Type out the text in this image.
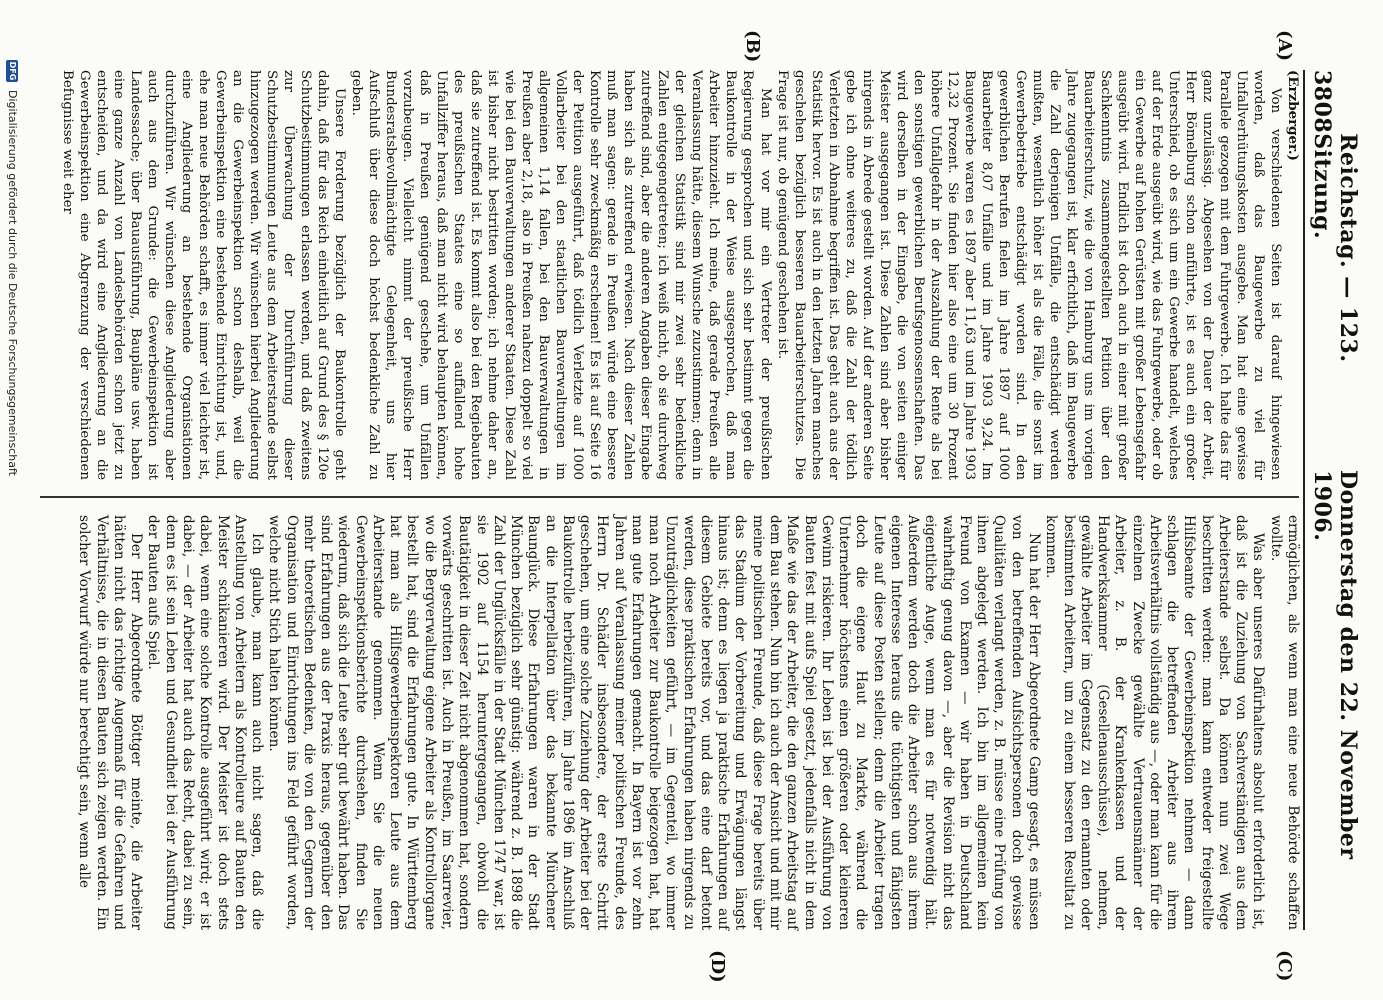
3808
Reichstag. — 123. Sitzung.
Donnerstag den 22. November 1906.
(A)
(B)
(C)
(D)

(Erzberger.)

Von verschiedenen Seiten ist darauf hingewiesen worden, daß das Baugewerbe zu viel für Unfallverhütungskosten ausgebe. Man hat eine gewisse Parallele gezogen mit dem Fuhrgewerbe. Ich halte das für ganz unzulässig. Abgesehen von der Dauer der Arbeit, Herr Bömelburg schon anführte, ist es auch ein großer Unterschied, ob es sich um ein Gewerbe handelt, welches auf der Erde ausgeübt wird, wie das Fuhrgewerbe, oder ob ein Gewerbe auf hohen Gerüsten mit großer Lebensgefahr ausgeübt wird. Endlich ist doch auch in einer mit großer Sachkenntnis zusammengestellten Petition über den Bauarbeiterschutz, wie die von Hamburg uns im vorigen Jahre zugegangen ist, klar erfichtlich, daß im Baugewerbe die Zahl derjenigen Unfälle, die entschädigt werden mußten, wesentlich höher ist als die Fälle, die sonst im Gewerbebetriebe entschädigt worden sind. In den gewerblichen Berufen fielen im Jahre 1897 auf 1000 Bauarbeiter 8,07 Unfälle und im Jahre 1903 9,24. Im Baugewerbe waren es 1897 aber 11,63 und im Jahre 1903 12,32 Prozent. Sie finden hier also eine um 30 Prozent höhere Unfallgefahr in der Auszahlung der Rente als bei den sonstigen gewerblichen Berufsgenossenschaften. Das wird derselben in der Eingabe, die von seiten einiger Meister ausgegangen ist. Diese Zahlen sind aber bisher nirgends in Abrede gestellt worden. Auf der anderen Seite gebe ich ohne weiteres zu, daß die Zahl der tödlich Verletzten in Abnahme begriffen ist. Das geht auch aus der Statistik hervor. Es ist auch in den letzten Jahren manches geschehen bezüglich besseren Bauarbeiterschutzes. Die Frage ist nur, ob genügend geschehen ist.

Man hat vor mir ein Vertreter der preußischen Regierung gesprochen und sich sehr bestimmt gegen die Baukontrolle in der Weise ausgesprochen, daß man Arbeiter hinzuzieht. Ich meine, daß gerade Preußen alle Veranlassung hätte, diesem Wunsche zuzustimmen; denn in der gleichen Statistik sind mir zwei sehr bedenkliche Zahlen entgegengetreten; ich weiß nicht, ob sie durchweg zutreffend sind, aber die anderen Angaben dieser Eingabe haben sich als zutreffend erwiesen. Nach dieser Zahlen muß man sagen: gerade in Preußen würde eine bessere Kontrolle sehr zweckmäßig erscheinen! Es ist auf Seite 16 der Petition ausgeführt, daß tödlich Verletzte auf 1000 Vollarbeiter bei den staatlichen Bauverwaltungen im allgemeinen 1,14 fallen, bei den Bauverwaltungen in Preußen aber 2,18, also in Preußen nahezu doppelt so viel wie bei den Bauverwaltungen anderer Staaten. Diese Zahl ist bisher nicht bestritten worden; ich nehme daher an, daß sie zutreffend ist. Es kommt also bei den Regiebauten des preußischen Staates eine so auffallend hohe Unfallziffer heraus, daß man nicht wird behaupten können, daß in Preußen genügend geschehe, um Unfällen vorzubeugen. Vielleicht nimmt der preußische Herr Bundesratsbevollmächtigte Gelegenheit, uns hier Aufschluß über diese doch höchst bedenkliche Zahl zu geben.

Unsere Forderung bezüglich der Baukontrolle geht dahin, daß für das Reich einheitlich auf Grund des § 120e Schutzbestimmungen erlassen werden, und daß zweitens zur Überwachung der Durchführung dieser Schutzbestimmungen Leute aus dem Arbeiterstande selbst hinzugezogen werden. Wir wünschen hierbei Angliederung an die Gewerbeinspektion schon deshalb, weil die Gewerbeinspektion eine bestehende Einrichtung ist, und, ehe man neue Behörden schafft, es immer viel leichter ist, eine Angliederung an bestehende Organisationen durchzuführen. Wir wünschen diese Angliederung aber auch aus dem Grunde: die Gewerbeinspektion ist Landessache; über Bauausführung, Baupläne usw. haben eine ganze Anzahl von Landesbehörden schon jetzt zu entscheiden, und da wird eine Angliederung an die Gewerbeinspektion eine Abgrenzung der verschiedenen Befugnisse weit eher

ermöglichen, als wenn man eine neue Behörde schaffen wollte.

Was aber unseres Dafürhaltens absolut erforderlich ist, daß ist die Zuziehung von Sachverständigen aus dem Arbeiterstande selbst. Da können nun zwei Wege beschritten werden: man kann entweder freigestellte Hilfsbeamte der Gewerbeinspektion nehmen — dann schlagen die betreffenden Arbeiter aus ihrem Arbeitsverhältnis vollständig aus —, oder man kann für die einzelnen Zwecke gewählte Vertrauensmänner der Arbeiter, z. B. der Krankenkassen und der Handwerkskammer (Gesellenausschüsse), nehmen, gewählte Arbeiter im Gegensatz zu den ernannten oder bestimmten Arbeitern, um zu einem besseren Resultat zu kommen.

Nun hat der Herr Abgeordnete Gamp gesagt, es müssen von den betreffenden Aufsichtspersonen doch gewisse Qualitäten verlangt werden, z. B. müsse eine Prüfung von ihnen abgelegt werden. Ich bin im allgemeinen kein Freund von Examen — wir haben in Deutschland wahrhaftig genug davon —, aber die Revision nicht das eigentliche Auge, wenn man es für notwendig hält. Außerdem werden doch die Arbeiter schon aus ihrem eigenen Interesse heraus die tüchtigsten und fähigsten Leute auf diese Posten stellen; denn die Arbeiter tragen doch die eigene Haut zu Markte, während die Unternehmer höchstens einen größeren oder kleineren Gewinn riskieren. Ihr Leben ist bei der Ausführung von Bauten fest mit aufs Spiel gesetzt, jedenfalls nicht in dem Maße wie das der Arbeiter, die den ganzen Arbeitstag auf dem Bau stehen. Nun bin ich auch der Ansicht und mit mir meine politischen Freunde, daß diese Frage bereits über das Stadium der Vorbereitung und Erwägungen längst hinaus ist; denn es liegen ja praktische Erfahrungen auf diesem Gebiete bereits vor, und das eine darf betont werden, diese praktischen Erfahrungen haben nirgends zu Unzuträglichkeiten geführt, — im Gegenteil, wo immer man noch Arbeiter zur Baukontrolle beigezogen hat, hat man gute Erfahrungen gemacht. In Bayern ist vor zehn Jahren auf Veranlassung meiner politischen Freunde, des Herrn Dr. Schädler insbesondere, der erste Schritt geschehen, um eine solche Zuziehung der Arbeiter bei der Baukontrolle herbeizuführen, im Jahre 1896 im Anschluß an die Interpellation über das bekannte Münchener Baunglück. Diese Erfahrungen waren in der Stadt München bezüglich sehr günstig: während z. B. 1898 die Zahl der Unglücksfälle in der Stadt München 1747 war, ist sie 1902 auf 1154 heruntergegangen, obwohl die Bautätigkeit in dieser Zeit nicht abgenommen hat, sondern vorwärts geschritten ist. Auch in Preußen, im Saarrevier, wo die Bergverwaltung eigene Arbeiter als Kontrollorgane bestellt hat, sind die Erfahrungen gute. In Württemberg hat man als Hilfsgewerbeinspektoren Leute aus dem Arbeiterstande genommen. Wenn Sie die neuen Gewerbeinspektionsberichte durchsehen, finden Sie wiederum, daß sich die Leute sehr gut bewährt haben. Das sind Erfahrungen aus der Praxis heraus, gegenüber den mehr theoretischen Bedenken, die von den Gegnern der Organisation und Einrichtungen ins Feld geführt worden, welche nicht Stich halten können.

Ich glaube, man kann auch nicht sagen, daß die Anstellung von Arbeitern als Kontrolleure auf Bauten den Meister schikanieren wird. Der Meister ist doch stets dabei, wenn eine solche Kontrolle ausgeführt wird; er ist dabei, — der Arbeiter hat auch das Recht, dabei zu sein, denn es ist sein Leben und Gesundheit bei der Ausführung der Bauten aufs Spiel.

Der Herr Abgeordnete Böttger meinte, die Arbeiter hätten nicht das richtige Augenmaß für die Gefahren und Verhältnisse, die in diesen Bauten sich zeigen werden. Ein solcher Vorwurf würde nur berechtigt sein, wenn alle

DFG
Digitalisierung gefördert durch die Deutsche Forschungsgemeinschaft
